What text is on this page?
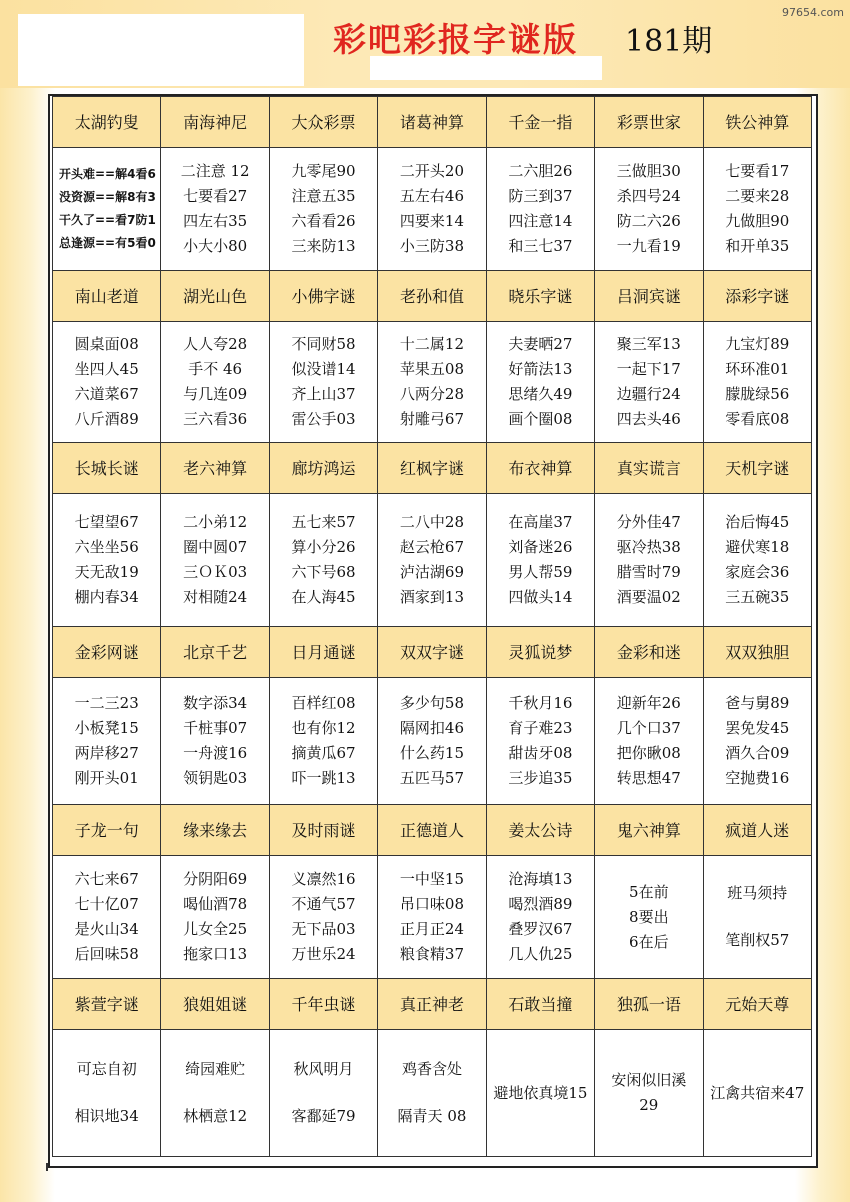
彩吧彩报字谜版 181期
97654.com
太湖钓叟	南海神尼	大众彩票	诸葛神算	千金一指	彩票世家	铁公神算

开头难==解4看6
没资源==解8有3
干久了==看7防1
总逢源==有5看0	二注意 12
七要看27
四左右35
小大小80	九零尾90
注意五35
六看看26
三来防13	二开头20
五左右46
四要来14
小三防38	二六胆26
防三到37
四注意14
和三七37	三做胆30
杀四号24
防二六26
一九看19	七要看17
二要来28
九做胆90
和开单35

南山老道	湖光山色	小佛字谜	老孙和值	晓乐字谜	吕洞宾谜	添彩字谜

圆桌面08
坐四人45
六道菜67
八斤酒89	人人夸28
手不 46
与几连09
三六看36	不同财58
似没谱14
齐上山37
雷公手03	十二属12
苹果五08
八两分28
射雕弓67	夫妻晒27
好箭法13
思绪久49
画个圈08	聚三军13
一起下17
边疆行24
四去头46	九宝灯89
环环准01
朦胧绿56
零看底08

长城长谜	老六神算	廊坊鸿运	红枫字谜	布衣神算	真实谎言	天机字谜

七望望67
六坐坐56
天无敌19
棚内春34	二小弟12
圈中圆07
三ＯＫ03
对相随24	五七来57
算小分26
六下号68
在人海45	二八中28
赵云枪67
泸沽湖69
酒家到13	在高崖37
刘备迷26
男人帮59
四做头14	分外佳47
驱冷热38
腊雪时79
酒要温02	治后悔45
避伏寒18
家庭会36
三五碗35

金彩网谜	北京千艺	日月通谜	双双字谜	灵狐说梦	金彩和迷	双双独胆

一二三23
小板凳15
两岸移27
刚开头01	数字添34
千桩事07
一舟渡16
领钥匙03	百样红08
也有你12
摘黄瓜67
吓一跳13	多少句58
隔网扣46
什么药15
五匹马57	千秋月16
育子难23
甜齿牙08
三步追35	迎新年26
几个口37
把你瞅08
转思想47	爸与舅89
罢免发45
酒久合09
空抛费16

子龙一句	缘来缘去	及时雨谜	正德道人	姜太公诗	鬼六神算	疯道人迷

六七来67
七十亿07
是火山34
后回味58	分阴阳69
喝仙酒78
儿女全25
拖家口13	义凛然16
不通气57
无下品03
万世乐24	一中坚15
吊口味08
正月正24
粮食精37	沧海填13
喝烈酒89
叠罗汉67
几人仇25	5在前
8要出
6在后	班马须持
笔削权57

紫萱字谜	狼姐姐谜	千年虫谜	真正神老	石敢当撞	独孤一语	元始天尊

可忘自初
相识地34	绮园难贮
林栖意12	秋风明月
客鄱延79	鸡香含处
隔青天 08	避地依真境15	安闲似旧溪
29	江禽共宿来47
